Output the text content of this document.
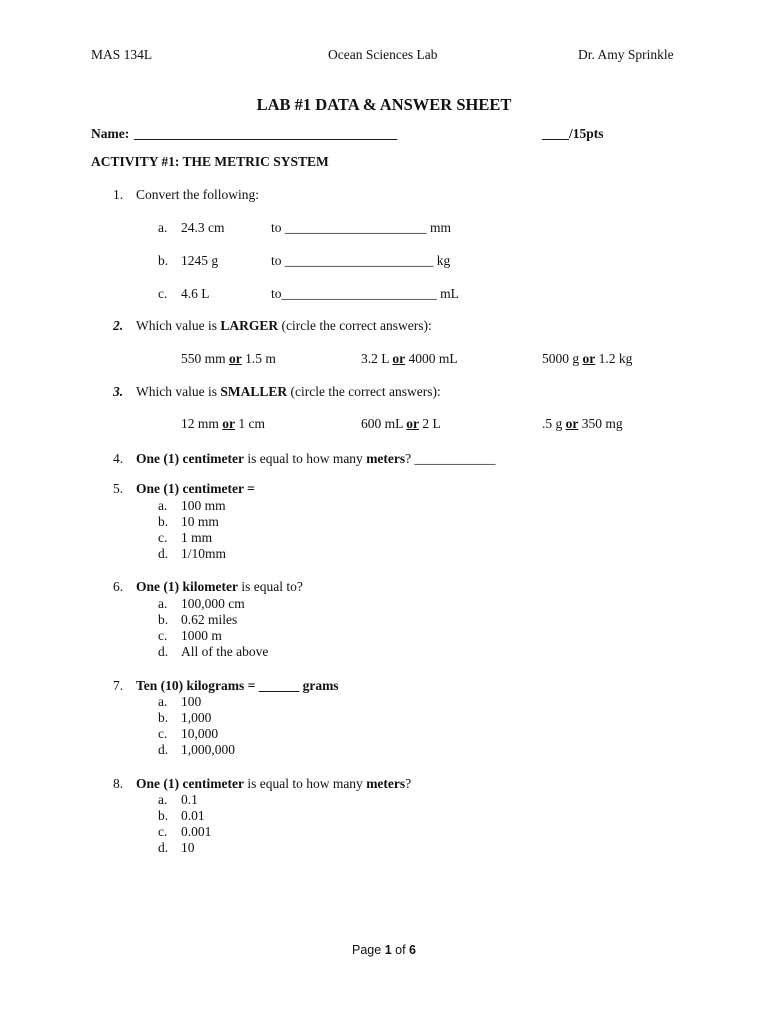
MAS 134L	Ocean Sciences Lab	Dr. Amy Sprinkle
LAB #1 DATA & ANSWER SHEET
Name: _______________________________________	____/15pts
ACTIVITY #1: THE METRIC SYSTEM
1. Convert the following:
a. 24.3 cm	to _____________________ mm
b. 1245 g	to ______________________ kg
c. 4.6 L	to_______________________ mL
2. Which value is LARGER (circle the correct answers):
550 mm or 1.5 m	3.2 L or 4000 mL	5000 g or 1.2 kg
3. Which value is SMALLER (circle the correct answers):
12 mm or 1 cm	600 mL or 2 L	.5 g or 350 mg
4. One (1) centimeter is equal to how many meters? ____________
5. One (1) centimeter =
a. 100 mm
b. 10 mm
c. 1 mm
d. 1/10mm
6. One (1) kilometer is equal to?
a. 100,000 cm
b. 0.62 miles
c. 1000 m
d. All of the above
7. Ten (10) kilograms = ______ grams
a. 100
b. 1,000
c. 10,000
d. 1,000,000
8. One (1) centimeter is equal to how many meters?
a. 0.1
b. 0.01
c. 0.001
d. 10
Page 1 of 6
